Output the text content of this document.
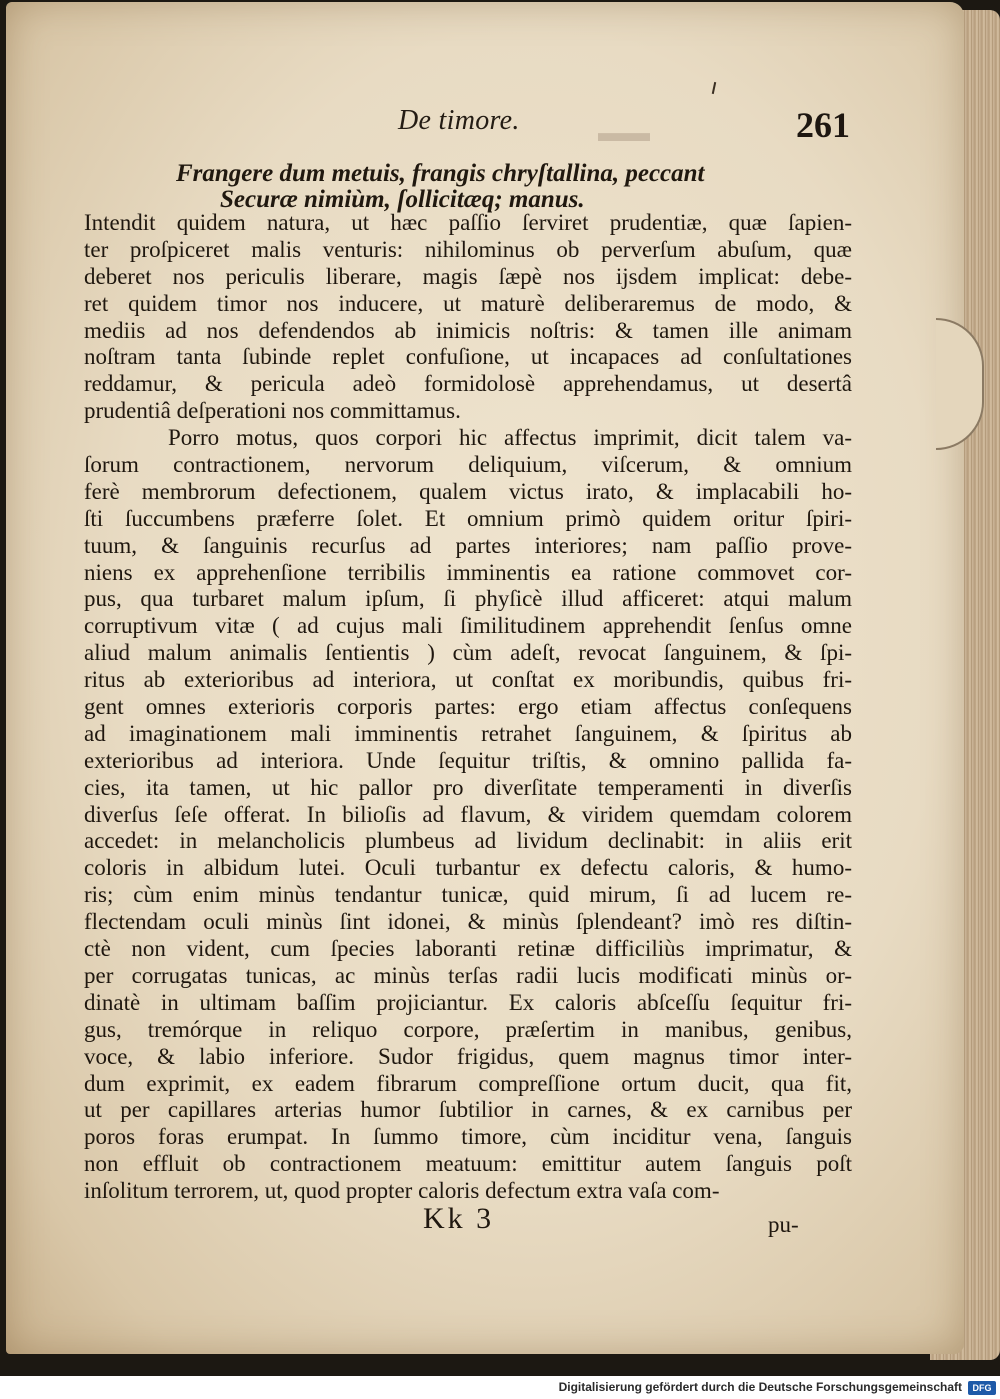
▬▬
De timore.	261
Frangere dum metuis, frangis chryſtallina, peccant
Securæ nimiùm, ſollicitæq; manus.
Intendit quidem natura, ut hæc paſſio ſerviret prudentiæ, quæ ſapien-
ter proſpiceret malis venturis: nihilominus ob perverſum abuſum, quæ
deberet nos periculis liberare, magis ſæpè nos ijsdem implicat: debe-
ret quidem timor nos inducere, ut maturè deliberaremus de modo, &
mediis ad nos defendendos ab inimicis noſtris: & tamen ille animam
noſtram tanta ſubinde replet confuſione, ut incapaces ad conſultationes
reddamur, & pericula adeò formidolosè apprehendamus, ut desertâ
prudentiâ deſperationi nos committamus.
Porro motus, quos corpori hic affectus imprimit, dicit talem va-
ſorum contractionem, nervorum deliquium, viſcerum, & omnium
ferè membrorum defectionem, qualem victus irato, & implacabili ho-
ſti ſuccumbens præferre ſolet. Et omnium primò quidem oritur ſpiri-
tuum, & ſanguinis recurſus ad partes interiores; nam paſſio prove-
niens ex apprehenſione terribilis imminentis ea ratione commovet cor-
pus, qua turbaret malum ipſum, ſi phyſicè illud afficeret: atqui malum
corruptivum vitæ ( ad cujus mali ſimilitudinem apprehendit ſenſus omne
aliud malum animalis ſentientis ) cùm adeſt, revocat ſanguinem, & ſpi-
ritus ab exterioribus ad interiora, ut conſtat ex moribundis, quibus fri-
gent omnes exterioris corporis partes: ergo etiam affectus conſequens
ad imaginationem mali imminentis retrahet ſanguinem, & ſpiritus ab
exterioribus ad interiora. Unde ſequitur triſtis, & omnino pallida fa-
cies, ita tamen, ut hic pallor pro diverſitate temperamenti in diverſis
diverſus ſeſe offerat. In bilioſis ad flavum, & viridem quemdam colorem
accedet: in melancholicis plumbeus ad lividum declinabit: in aliis erit
coloris in albidum lutei. Oculi turbantur ex defectu caloris, & humo-
ris; cùm enim minùs tendantur tunicæ, quid mirum, ſi ad lucem re-
flectendam oculi minùs ſint idonei, & minùs ſplendeant? imò res diſtin-
ctè non vident, cum ſpecies laboranti retinæ difficiliùs imprimatur, &
per corrugatas tunicas, ac minùs terſas radii lucis modificati minùs or-
dinatè in ultimam baſſim projiciantur. Ex caloris abſceſſu ſequitur fri-
gus, tremórque in reliquo corpore, præſertim in manibus, genibus,
voce, & labio inferiore. Sudor frigidus, quem magnus timor inter-
dum exprimit, ex eadem fibrarum compreſſione ortum ducit, qua fit,
ut per capillares arterias humor ſubtilior in carnes, & ex carnibus per
poros foras erumpat. In ſummo timore, cùm inciditur vena, ſanguis
non effluit ob contractionem meatuum: emittitur autem ſanguis poſt
inſolitum terrorem, ut, quod propter caloris defectum extra vaſa com-
Kk 3	pu-
Digitalisierung gefördert durch die Deutsche Forschungsgemeinschaft	DFG
